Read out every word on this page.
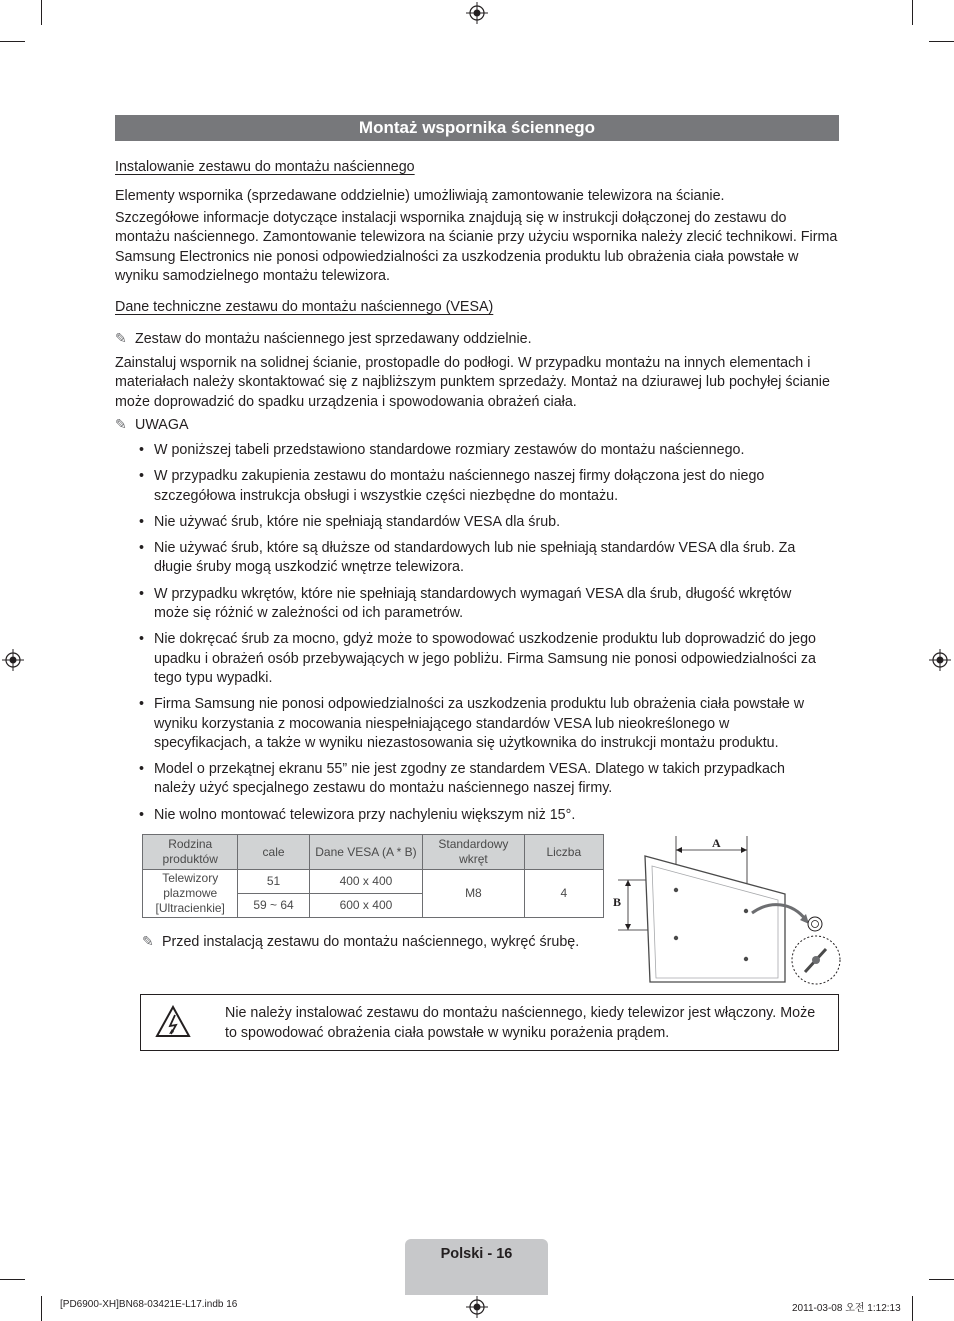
Montaż wspornika ściennego
Instalowanie zestawu do montażu naściennego
Elementy wspornika (sprzedawane oddzielnie) umożliwiają zamontowanie telewizora na ścianie.
Szczegółowe informacje dotyczące instalacji wspornika znajdują się w instrukcji dołączonej do zestawu do montażu naściennego. Zamontowanie telewizora na ścianie przy użyciu wspornika należy zlecić technikowi. Firma Samsung Electronics nie ponosi odpowiedzialności za uszkodzenia produktu lub obrażenia ciała powstałe w wyniku samodzielnego montażu telewizora.
Dane techniczne zestawu do montażu naściennego (VESA)
✎ Zestaw do montażu naściennego jest sprzedawany oddzielnie.
Zainstaluj wspornik na solidnej ścianie, prostopadle do podłogi. W przypadku montażu na innych elementach i materiałach należy skontaktować się z najbliższym punktem sprzedaży. Montaż na dziurawej lub pochyłej ścianie może doprowadzić do spadku urządzenia i spowodowania obrażeń ciała.
✎ UWAGA
• W poniższej tabeli przedstawiono standardowe rozmiary zestawów do montażu naściennego.
• W przypadku zakupienia zestawu do montażu naściennego naszej firmy dołączona jest do niego szczegółowa instrukcja obsługi i wszystkie części niezbędne do montażu.
• Nie używać śrub, które nie spełniają standardów VESA dla śrub.
• Nie używać śrub, które są dłuższe od standardowych lub nie spełniają standardów VESA dla śrub. Za długie śruby mogą uszkodzić wnętrze telewizora.
• W przypadku wkrętów, które nie spełniają standardowych wymagań VESA dla śrub, długość wkrętów może się różnić w zależności od ich parametrów.
• Nie dokręcać śrub za mocno, gdyż może to spowodować uszkodzenie produktu lub doprowadzić do jego upadku i obrażeń osób przebywających w jego pobliżu. Firma Samsung nie ponosi odpowiedzialności za tego typu wypadki.
• Firma Samsung nie ponosi odpowiedzialności za uszkodzenia produktu lub obrażenia ciała powstałe w wyniku korzystania z mocowania niespełniającego standardów VESA lub nieokreślonego w specyfikacjach, a także w wyniku niezastosowania się użytkownika do instrukcji montażu produktu.
• Model o przekątnej ekranu 55” nie jest zgodny ze standardem VESA. Dlatego w takich przypadkach należy użyć specjalnego zestawu do montażu naściennego naszej firmy.
• Nie wolno montować telewizora przy nachyleniu większym niż 15°.
Rodzina produktów	cale	Dane VESA (A * B)	Standardowy wkręt	Liczba
Telewizory plazmowe [Ultracienkie]	51	400 x 400	M8	4
	59 ~ 64	600 x 400		
✎ Przed instalacją zestawu do montażu naściennego, wykręć śrubę.
A
B
Nie należy instalować zestawu do montażu naściennego, kiedy telewizor jest włączony. Może to spowodować obrażenia ciała powstałe w wyniku porażenia prądem.
Polski - 16
[PD6900-XH]BN68-03421E-L17.indb 16	2011-03-08 오전 1:12:13
